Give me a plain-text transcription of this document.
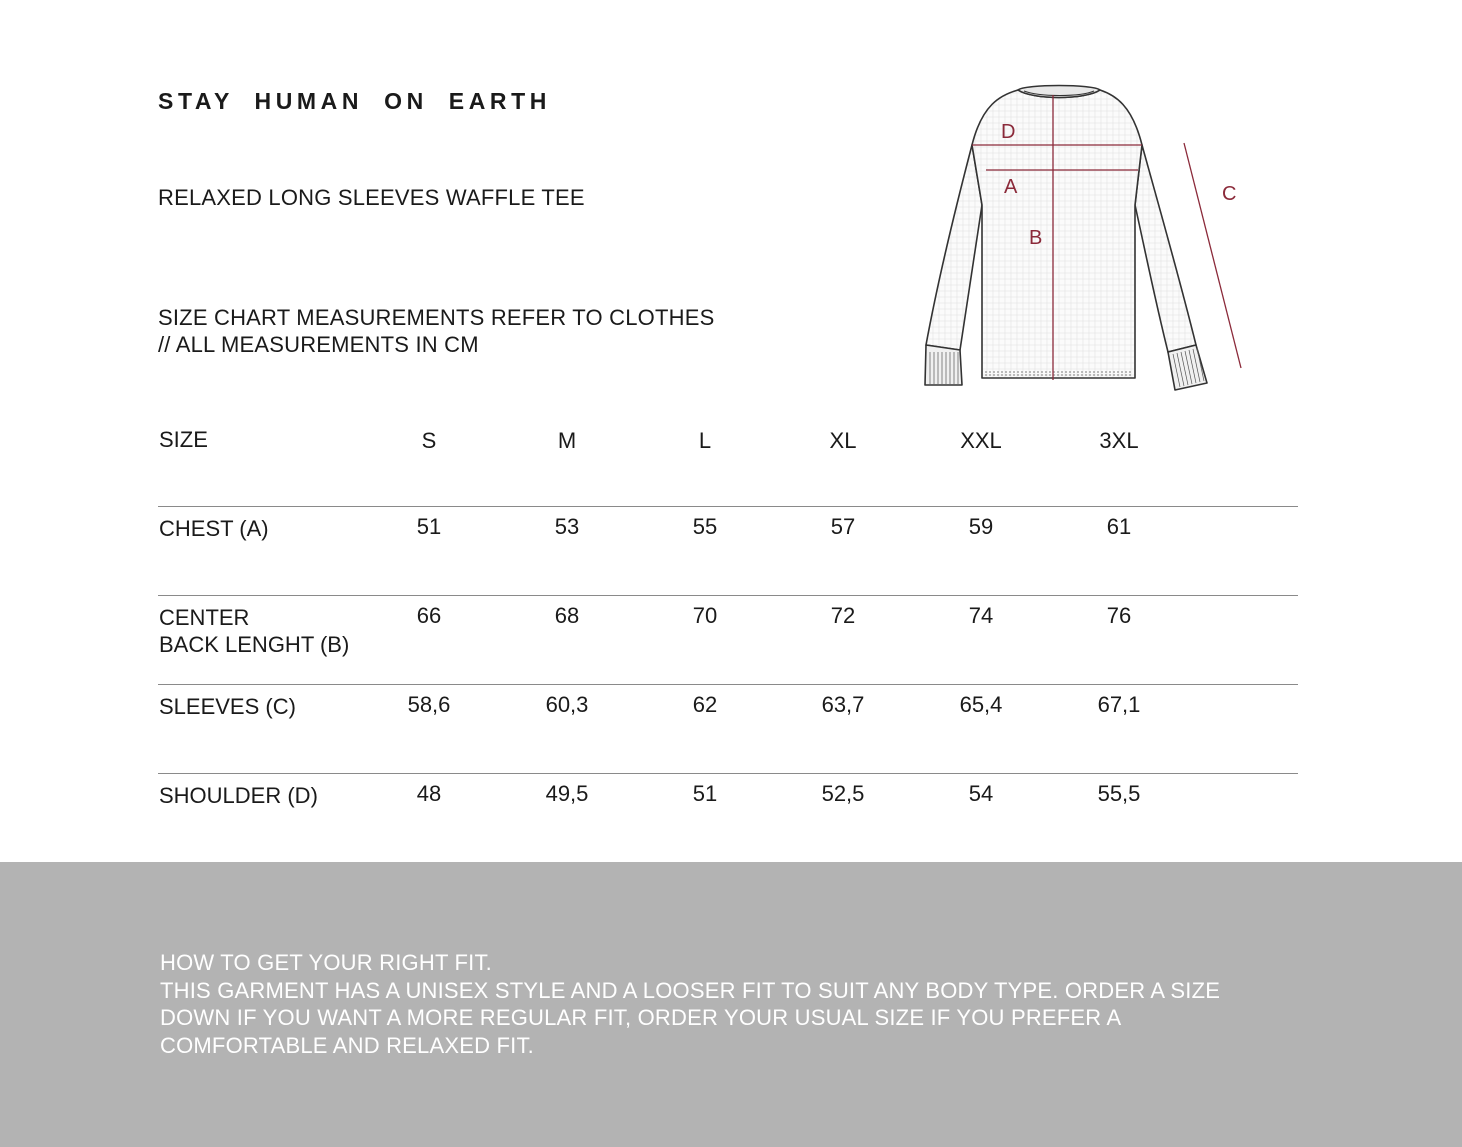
STAY HUMAN ON EARTH
RELAXED LONG SLEEVES WAFFLE TEE
SIZE CHART MEASUREMENTS REFER TO CLOTHES
// ALL MEASUREMENTS IN CM
D
A
B
C
SIZE	S	M	L	XL	XXL	3XL
CHEST (A)	51	53	55	57	59	61
CENTER
BACK LENGHT (B)
66	68	70	72	74	76
SLEEVES (C)	58,6	60,3	62	63,7	65,4	67,1
SHOULDER (D)	48	49,5	51	52,5	54	55,5
HOW TO GET YOUR RIGHT FIT.
THIS GARMENT HAS A UNISEX STYLE AND A LOOSER FIT TO SUIT ANY BODY TYPE. ORDER A SIZE
DOWN IF YOU WANT A MORE REGULAR FIT, ORDER YOUR USUAL SIZE IF YOU PREFER A
COMFORTABLE AND RELAXED FIT.
